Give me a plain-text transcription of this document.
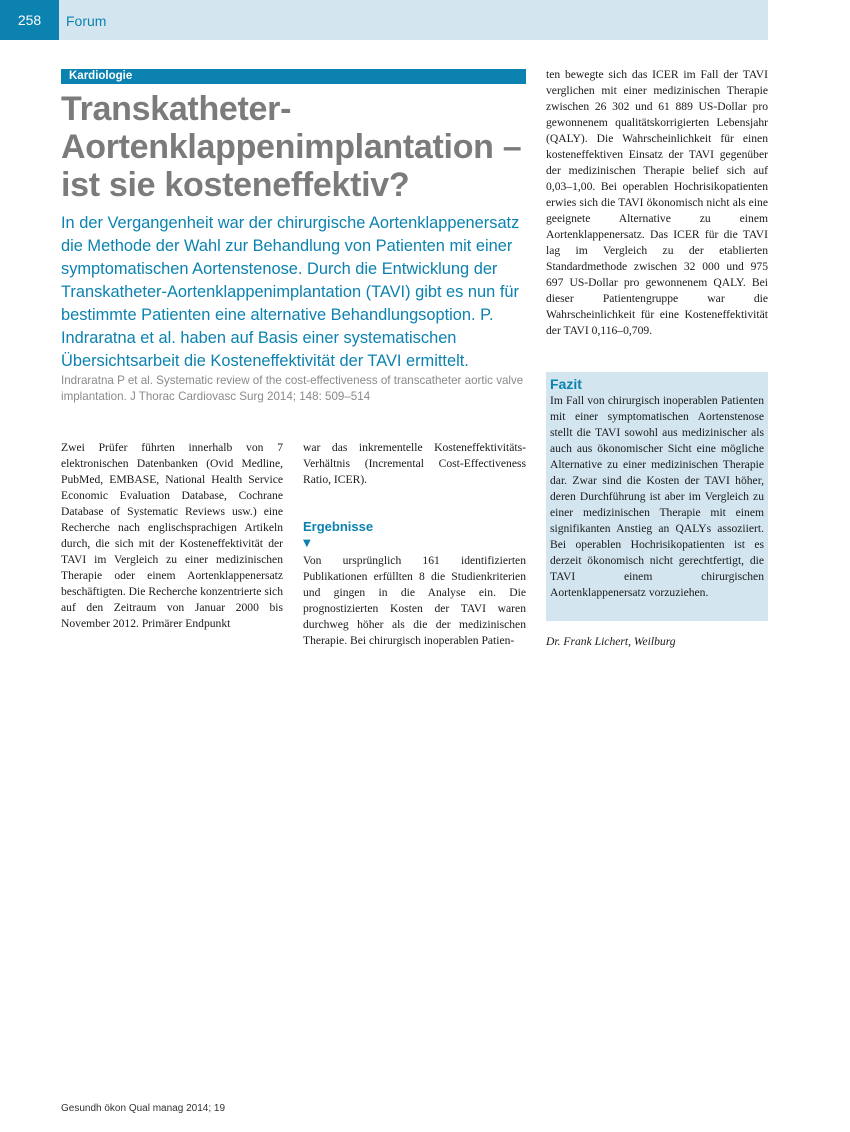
258	Forum
Kardiologie
Transkatheter-Aortenklappenimplantation – ist sie kosteneffektiv?

In der Vergangenheit war der chirurgische Aortenklappenersatz die Methode der Wahl zur Behandlung von Patienten mit einer symptomatischen Aortenstenose. Durch die Entwicklung der Transkatheter-Aortenklappenimplantation (TAVI) gibt es nun für bestimmte Patienten eine alternative Behandlungsoption. P. Indraratna et al. haben auf Basis einer systematischen Übersichtsarbeit die Kosteneffektivität der TAVI ermittelt.

Indraratna P et al. Systematic review of the cost-effectiveness of transcatheter aortic valve implantation. J Thorac Cardiovasc Surg 2014; 148: 509–514

Zwei Prüfer führten innerhalb von 7 elektronischen Datenbanken (Ovid Medline, PubMed, EMBASE, National Health Service Economic Evaluation Database, Cochrane Database of Systematic Reviews usw.) eine Recherche nach englischsprachigen Artikeln durch, die sich mit der Kosteneffektivität der TAVI im Vergleich zu einer medizinischen Therapie oder einem Aortenklappenersatz beschäftigten. Die Recherche konzentrierte sich auf den Zeitraum von Januar 2000 bis November 2012. Primärer Endpunkt

war das inkrementelle Kosteneffektivitäts-Verhältnis (Incremental Cost-Effectiveness Ratio, ICER).

Ergebnisse
▼

Von ursprünglich 161 identifizierten Publikationen erfüllten 8 die Studienkriterien und gingen in die Analyse ein. Die prognostizierten Kosten der TAVI waren durchweg höher als die der medizinischen Therapie. Bei chirurgisch inoperablen Patien-

ten bewegte sich das ICER im Fall der TAVI verglichen mit einer medizinischen Therapie zwischen 26 302 und 61 889 US-Dollar pro gewonnenem qualitätskorrigierten Lebensjahr (QALY). Die Wahrscheinlichkeit für einen kosteneffektiven Einsatz der TAVI gegenüber der medizinischen Therapie belief sich auf 0,03–1,00. Bei operablen Hochrisikopatienten erwies sich die TAVI ökonomisch nicht als eine geeignete Alternative zu einem Aortenklappenersatz. Das ICER für die TAVI lag im Vergleich zu der etablierten Standardmethode zwischen 32 000 und 975 697 US-Dollar pro gewonnenem QALY. Bei dieser Patientengruppe war die Wahrscheinlichkeit für eine Kosteneffektivität der TAVI 0,116–0,709.

Fazit

Im Fall von chirurgisch inoperablen Patienten mit einer symptomatischen Aortenstenose stellt die TAVI sowohl aus medizinischer als auch aus ökonomischer Sicht eine mögliche Alternative zu einer medizinischen Therapie dar. Zwar sind die Kosten der TAVI höher, deren Durchführung ist aber im Vergleich zu einer medizinischen Therapie mit einem signifikanten Anstieg an QALYs assoziiert. Bei operablen Hochrisikopatienten ist es derzeit ökonomisch nicht gerechtfertigt, die TAVI einem chirurgischen Aortenklappenersatz vorzuziehen.

Dr. Frank Lichert, Weilburg

Gesundh ökon Qual manag 2014; 19
